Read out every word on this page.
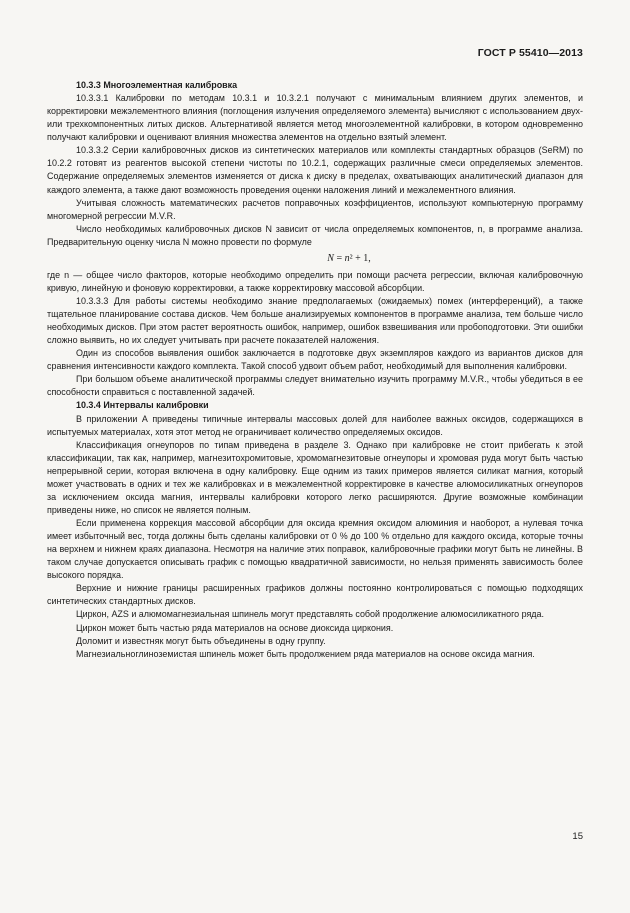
ГОСТ Р 55410—2013

10.3.3 Многоэлементная калибровка

10.3.3.1 Калибровки по методам 10.3.1 и 10.3.2.1 получают с минимальным влиянием других элементов, и корректировки межэлементного влияния (поглощения излучения определяемого элемента) вычисляют с использованием двух- или трехкомпонентных литых дисков. Альтернативой является метод многоэлементной калибровки, в котором одновременно получают калибровки и оценивают влияния множества элементов на отдельно взятый элемент.

10.3.3.2 Серии калибровочных дисков из синтетических материалов или комплекты стандартных образцов (SeRM) по 10.2.2 готовят из реагентов высокой степени чистоты по 10.2.1, содержащих различные смеси определяемых элементов. Содержание определяемых элементов изменяется от диска к диску в пределах, охватывающих аналитический диапазон для каждого элемента, а также дают возможность проведения оценки наложения линий и межэлементного влияния.

Учитывая сложность математических расчетов поправочных коэффициентов, используют компьютерную программу многомерной регрессии M.V.R.

Число необходимых калибровочных дисков N зависит от числа определяемых компонентов, n, в программе анализа. Предварительную оценку числа N можно провести по формуле

N = n² + 1,

где n — общее число факторов, которые необходимо определить при помощи расчета регрессии, включая калибровочную кривую, линейную и фоновую корректировки, а также корректировку массовой абсорбции.

10.3.3.3 Для работы системы необходимо знание предполагаемых (ожидаемых) помех (интерференций), а также тщательное планирование состава дисков. Чем больше анализируемых компонентов в программе анализа, тем больше число необходимых дисков. При этом растет вероятность ошибок, например, ошибок взвешивания или пробоподготовки. Эти ошибки сложно выявить, но их следует учитывать при расчете показателей наложения.

Один из способов выявления ошибок заключается в подготовке двух экземпляров каждого из вариантов дисков для сравнения интенсивности каждого комплекта. Такой способ удвоит объем работ, необходимый для выполнения калибровки.

При большом объеме аналитической программы следует внимательно изучить программу M.V.R., чтобы убедиться в ее способности справиться с поставленной задачей.

10.3.4 Интервалы калибровки

В приложении А приведены типичные интервалы массовых долей для наиболее важных оксидов, содержащихся в испытуемых материалах, хотя этот метод не ограничивает количество определяемых оксидов.

Классификация огнеупоров по типам приведена в разделе 3. Однако при калибровке не стоит прибегать к этой классификации, так как, например, магнезитохромитовые, хромомагнезитовые огнеупоры и хромовая руда могут быть частью непрерывной серии, которая включена в одну калибровку. Еще одним из таких примеров является силикат магния, который может участвовать в одних и тех же калибровках и в межэлементной корректировке в качестве алюмосиликатных огнеупоров за исключением оксида магния, интервалы калибровки которого легко расширяются. Другие возможные комбинации приведены ниже, но список не является полным.

Если применена коррекция массовой абсорбции для оксида кремния оксидом алюминия и наоборот, а нулевая точка имеет избыточный вес, тогда должны быть сделаны калибровки от 0 % до 100 % отдельно для каждого оксида, которые точны на верхнем и нижнем краях диапазона. Несмотря на наличие этих поправок, калибровочные графики могут быть не линейны. В таком случае допускается описывать график с помощью квадратичной зависимости, но нельзя применять зависимость более высокого порядка.

Верхние и нижние границы расширенных графиков должны постоянно контролироваться с помощью подходящих синтетических стандартных дисков.

Циркон, AZS и алюмомагнезиальная шпинель могут представлять собой продолжение алюмосиликатного ряда.

Циркон может быть частью ряда материалов на основе диоксида циркония.

Доломит и известняк могут быть объединены в одну группу.

Магнезиальноглиноземистая шпинель может быть продолжением ряда материалов на основе оксида магния.

15
